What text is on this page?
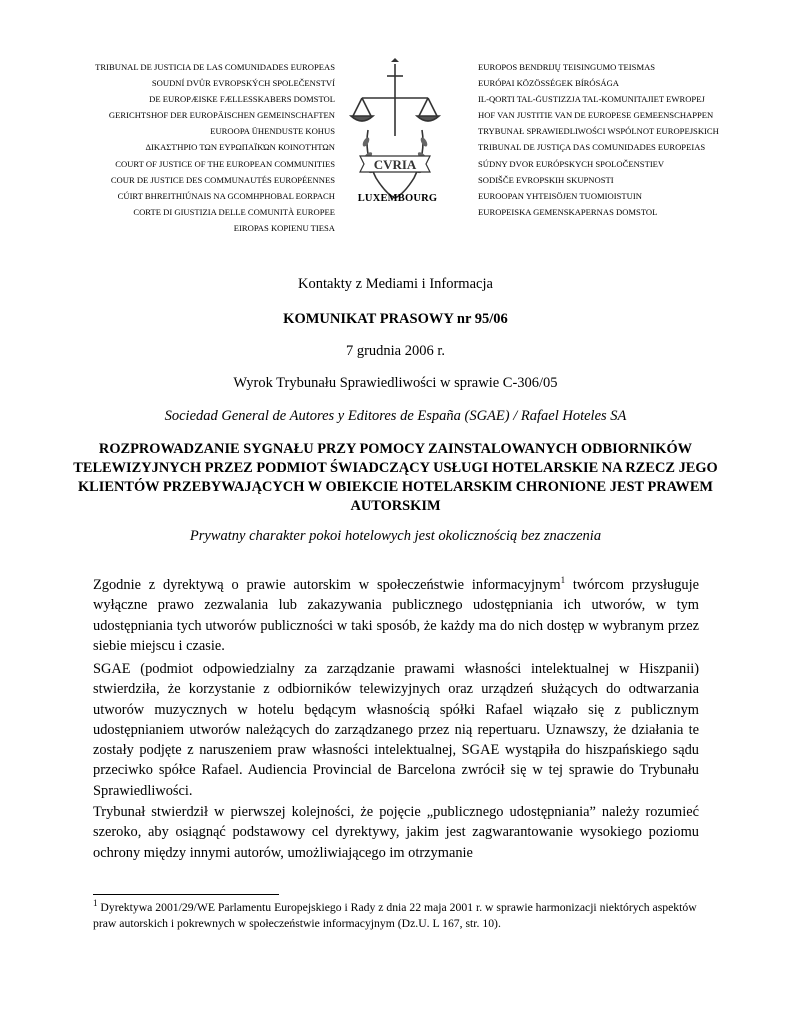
TRIBUNAL DE JUSTICIA DE LAS COMUNIDADES EUROPEAS
SOUDNÍ DVŮR EVROPSKÝCH SPOLEČENSTVÍ
DE EUROPÆISKE FÆLLESSKABERS DOMSTOL
GERICHTSHOF DER EUROPÄISCHEN GEMEINSCHAFTEN
EUROOPA ÜHENDUSTE KOHUS
ΔΙΚΑΣΤΉΡΙΟ ΤΩΝ ΕΥΡΩΠΑΪΚΏΝ ΚΟΙΝΟΤΉΤΩΝ
COURT OF JUSTICE OF THE EUROPEAN COMMUNITIES
COUR DE JUSTICE DES COMMUNAUTÉS EUROPÉENNES
CÚIRT BHREITHIÚNAIS NA GCOMHPHOBAL EORPACH
CORTE DI GIUSTIZIA DELLE COMUNITÀ EUROPEE
EIROPAS KOPIENU TIESA
CVRIA
LUXEMBOURG
EUROPOS BENDRIJŲ TEISINGUMO TEISMAS
EURÓPAI KÖZÖSSÉGEK BÍRÓSÁGA
IL-QORTI TAL-ĠUSTIZZJA TAL-KOMUNITAJIET EWROPEJ
HOF VAN JUSTITIE VAN DE EUROPESE GEMEENSCHAPPEN
TRYBUNAŁ SPRAWIEDLIWOŚCI WSPÓLNOT EUROPEJSKICH
TRIBUNAL DE JUSTIÇA DAS COMUNIDADES EUROPEIAS
SÚDNY DVOR EURÓPSKYCH SPOLOČENSTIEV
SODIŠČE EVROPSKIH SKUPNOSTI
EUROOPAN YHTEISÖJEN TUOMIOISTUIN
EUROPEISKA GEMENSKAPERNAS DOMSTOL
Kontakty z Mediami i Informacja
KOMUNIKAT PRASOWY nr 95/06
7 grudnia 2006 r.
Wyrok Trybunału Sprawiedliwości w sprawie C-306/05
Sociedad General de Autores y Editores de España (SGAE) / Rafael Hoteles SA
ROZPROWADZANIE SYGNAŁU PRZY POMOCY ZAINSTALOWANYCH ODBIORNIKÓW TELEWIZYJNYCH PRZEZ PODMIOT ŚWIADCZĄCY USŁUGI HOTELARSKIE NA RZECZ JEGO KLIENTÓW PRZEBYWAJĄCYCH W OBIEKCIE HOTELARSKIM CHRONIONE JEST PRAWEM AUTORSKIM
Prywatny charakter pokoi hotelowych jest okolicznością bez znaczenia
Zgodnie z dyrektywą o prawie autorskim w społeczeństwie informacyjnym$^1$ twórcom przysługuje wyłączne prawo zezwalania lub zakazywania publicznego udostępniania ich utworów, w tym udostępniania tych utworów publiczności w taki sposób, że każdy ma do nich dostęp w wybranym przez siebie miejscu i czasie.
SGAE (podmiot odpowiedzialny za zarządzanie prawami własności intelektualnej w Hiszpanii) stwierdziła, że korzystanie z odbiorników telewizyjnych oraz urządzeń służących do odtwarzania utworów muzycznych w hotelu będącym własnością spółki Rafael wiązało się z publicznym udostępnianiem utworów należących do zarządzanego przez nią repertuaru. Uznawszy, że działania te zostały podjęte z naruszeniem praw własności intelektualnej, SGAE wystąpiła do hiszpańskiego sądu przeciwko spółce Rafael. Audiencia Provincial de Barcelona zwrócił się w tej sprawie do Trybunału Sprawiedliwości.
Trybunał stwierdził w pierwszej kolejności, że pojęcie „publicznego udostępniania” należy rozumieć szeroko, aby osiągnąć podstawowy cel dyrektywy, jakim jest zagwarantowanie wysokiego poziomu ochrony między innymi autorów, umożliwiającego im otrzymanie
$^1$ Dyrektywa 2001/29/WE Parlamentu Europejskiego i Rady z dnia 22 maja 2001 r. w sprawie harmonizacji niektórych aspektów praw autorskich i pokrewnych w społeczeństwie informacyjnym (Dz.U. L 167, str. 10).
